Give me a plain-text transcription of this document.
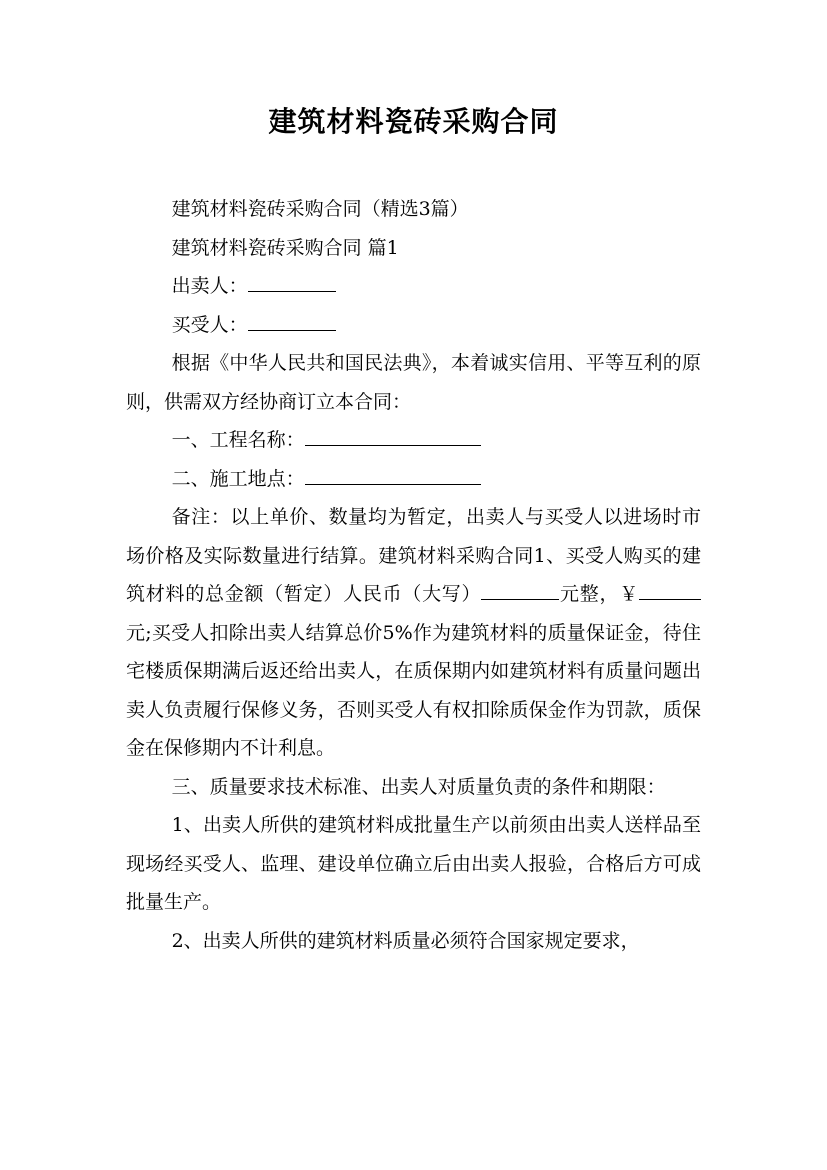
建筑材料瓷砖采购合同

建筑材料瓷砖采购合同（精选3篇）

建筑材料瓷砖采购合同 篇1

出卖人：

买受人：

根据《中华人民共和国民法典》，本着诚实信用、平等互利的原则，供需双方经协商订立本合同：

一、工程名称：

二、施工地点：

备注：以上单价、数量均为暂定，出卖人与买受人以进场时市场价格及实际数量进行结算。建筑材料采购合同1、买受人购买的建筑材料的总金额（暂定）人民币（大写）	元整，￥元;买受人扣除出卖人结算总价5%作为建筑材料的质量保证金，待住宅楼质保期满后返还给出卖人，在质保期内如建筑材料有质量问题出卖人负责履行保修义务，否则买受人有权扣除质保金作为罚款，质保金在保修期内不计利息。

三、质量要求技术标准、出卖人对质量负责的条件和期限：

1、出卖人所供的建筑材料成批量生产以前须由出卖人送样品至现场经买受人、监理、建设单位确立后由出卖人报验，合格后方可成批量生产。

2、出卖人所供的建筑材料质量必须符合国家规定要求，
